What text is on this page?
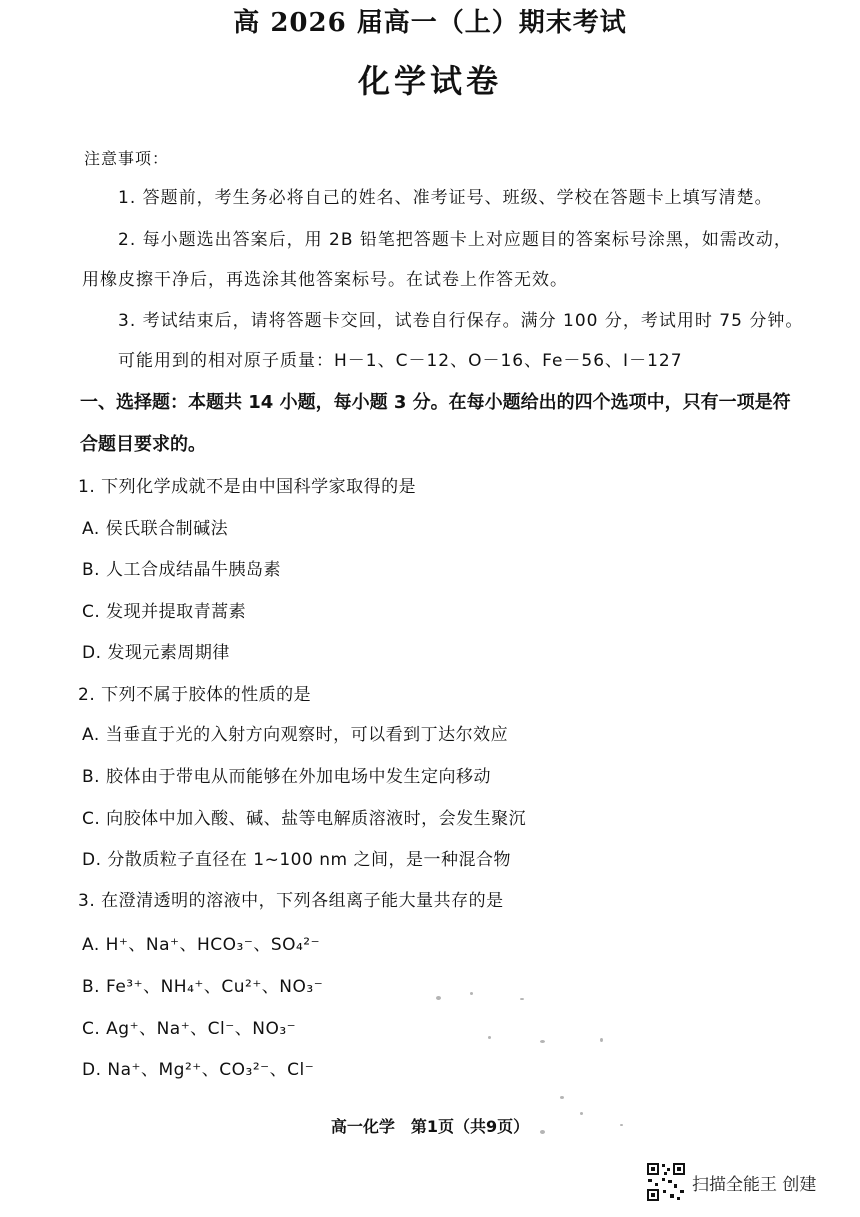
高 2026 届高一（上）期末考试
化学试卷
注意事项：
1. 答题前，考生务必将自己的姓名、准考证号、班级、学校在答题卡上填写清楚。
2. 每小题选出答案后，用 2B 铅笔把答题卡上对应题目的答案标号涂黑，如需改动，
用橡皮擦干净后，再选涂其他答案标号。在试卷上作答无效。
3. 考试结束后，请将答题卡交回，试卷自行保存。满分 100 分，考试用时 75 分钟。
可能用到的相对原子质量：H－1、C－12、O－16、Fe－56、I－127
一、选择题：本题共 14 小题，每小题 3 分。在每小题给出的四个选项中，只有一项是符
合题目要求的。
1. 下列化学成就不是由中国科学家取得的是
A. 侯氏联合制碱法
B. 人工合成结晶牛胰岛素
C. 发现并提取青蒿素
D. 发现元素周期律
2. 下列不属于胶体的性质的是
A. 当垂直于光的入射方向观察时，可以看到丁达尔效应
B. 胶体由于带电从而能够在外加电场中发生定向移动
C. 向胶体中加入酸、碱、盐等电解质溶液时，会发生聚沉
D. 分散质粒子直径在 1~100 nm 之间，是一种混合物
3. 在澄清透明的溶液中，下列各组离子能大量共存的是
A. H⁺、Na⁺、HCO₃⁻、SO₄²⁻
B. Fe³⁺、NH₄⁺、Cu²⁺、NO₃⁻
C. Ag⁺、Na⁺、Cl⁻、NO₃⁻
D. Na⁺、Mg²⁺、CO₃²⁻、Cl⁻
高一化学　第1页（共9页）
扫描全能王 创建
